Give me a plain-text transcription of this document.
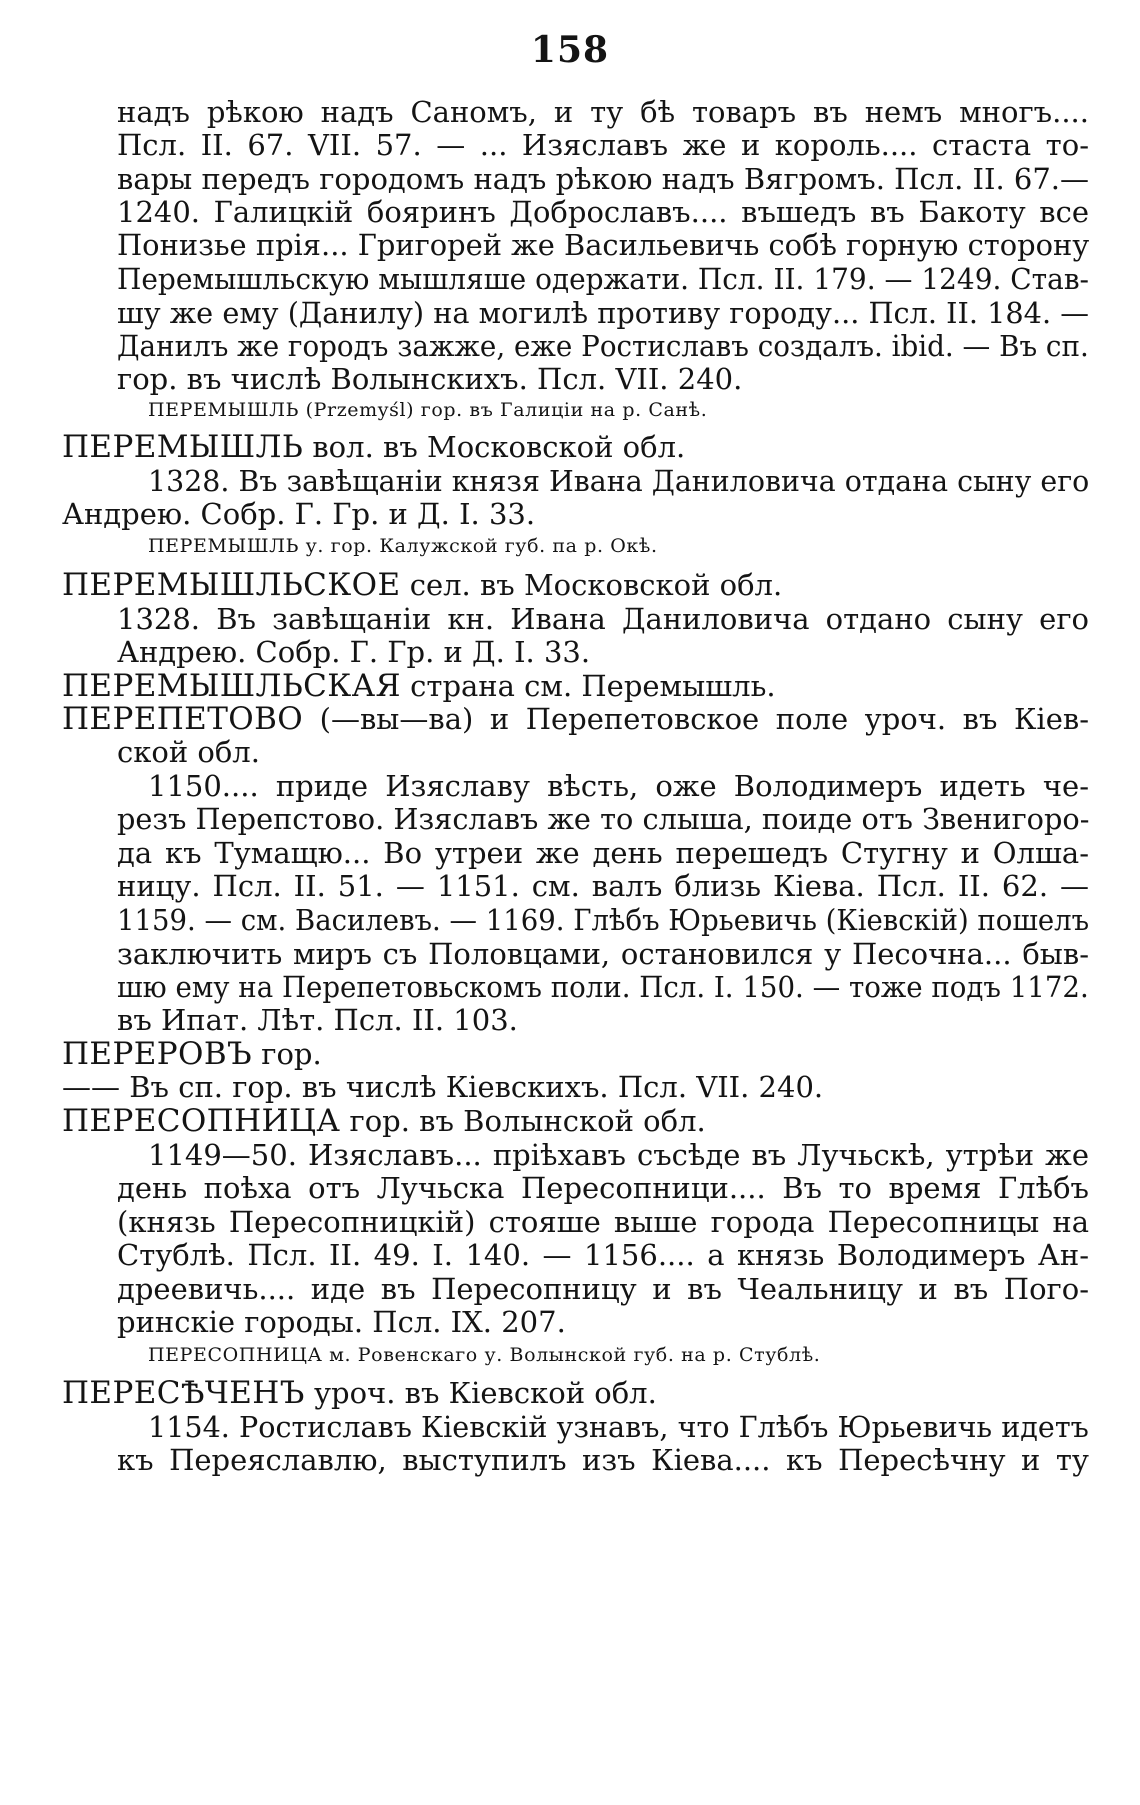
158
надъ рѣкою надъ Саномъ, и ту бѣ товаръ въ немъ многъ....
Псл. II. 67. VII. 57. — ... Изяславъ же и король.... стаста то-
вары передъ городомъ надъ рѣкою надъ Вягромъ. Псл. II. 67.—
1240. Галицкій бояринъ Доброславъ.... въшедъ въ Бакоту все
Понизье прія... Григорей же Васильевичь собѣ горную сторону
Перемышльскую мышляше одержати. Псл. II. 179. — 1249. Став-
шу же ему (Данилу) на могилѣ противу городу... Псл. II. 184. —
Данилъ же городъ зажже, еже Ростиславъ создалъ. ibid. — Въ сп.
гор. въ числѣ Волынскихъ. Псл. VII. 240.
ПЕРЕМЫШЛЬ (Przemyśl) гор. въ Галиціи на р. Санѣ.
ПЕРЕМЫШЛЬ вол. въ Московской обл.
1328. Въ завѣщаніи князя Ивана Даниловича отдана сыну его
Андрею. Собр. Г. Гр. и Д. I. 33.
ПЕРЕМЫШЛЬ у. гор. Калужской губ. па р. Окѣ.
ПЕРЕМЫШЛЬСКОЕ сел. въ Московской обл.
1328. Въ завѣщаніи кн. Ивана Даниловича отдано сыну его
Андрею. Собр. Г. Гр. и Д. I. 33.
ПЕРЕМЫШЛЬСКАЯ страна см. Перемышль.
ПЕРЕПЕТОВО (—вы—ва) и Перепетовское поле уроч. въ Кіев-
ской обл.
1150.... приде Изяславу вѣсть, оже Володимеръ идеть че-
резъ Перепстово. Изяславъ же то слыша, поиде отъ Звенигоро-
да къ Тумащю... Во утреи же день перешедъ Стугну и Олша-
ницу. Псл. II. 51. — 1151. см. валъ близь Кіева. Псл. II. 62. —
1159. — см. Василевъ. — 1169. Глѣбъ Юрьевичь (Кіевскій) пошелъ
заключить миръ съ Половцами, остановился у Песочна... быв-
шю ему на Перепетовьскомъ поли. Псл. I. 150. — тоже подъ 1172.
въ Ипат. Лѣт. Псл. II. 103.
ПЕРЕРОВЪ гор.
—— Въ сп. гор. въ числѣ Кіевскихъ. Псл. VII. 240.
ПЕРЕСОПНИЦА гор. въ Волынской обл.
1149—50. Изяславъ... пріѣхавъ съсѣде въ Лучьскѣ, утрѣи же
день поѣха отъ Лучьска Пересопници.... Въ то время Глѣбъ
(князь Пересопницкій) стояше выше города Пересопницы на
Стублѣ. Псл. II. 49. I. 140. — 1156.... а князь Володимеръ Ан-
дреевичь.... иде въ Пересопницу и въ Чеальницу и въ Пого-
ринскіе городы. Псл. IX. 207.
ПЕРЕСОПНИЦА м. Ровенскаго у. Волынской губ. на р. Стублѣ.
ПЕРЕСѢЧЕНЪ уроч. въ Кіевской обл.
1154. Ростиславъ Кіевскій узнавъ, что Глѣбъ Юрьевичь идетъ
къ Переяславлю, выступилъ изъ Кіева.... къ Пересѣчну и ту
